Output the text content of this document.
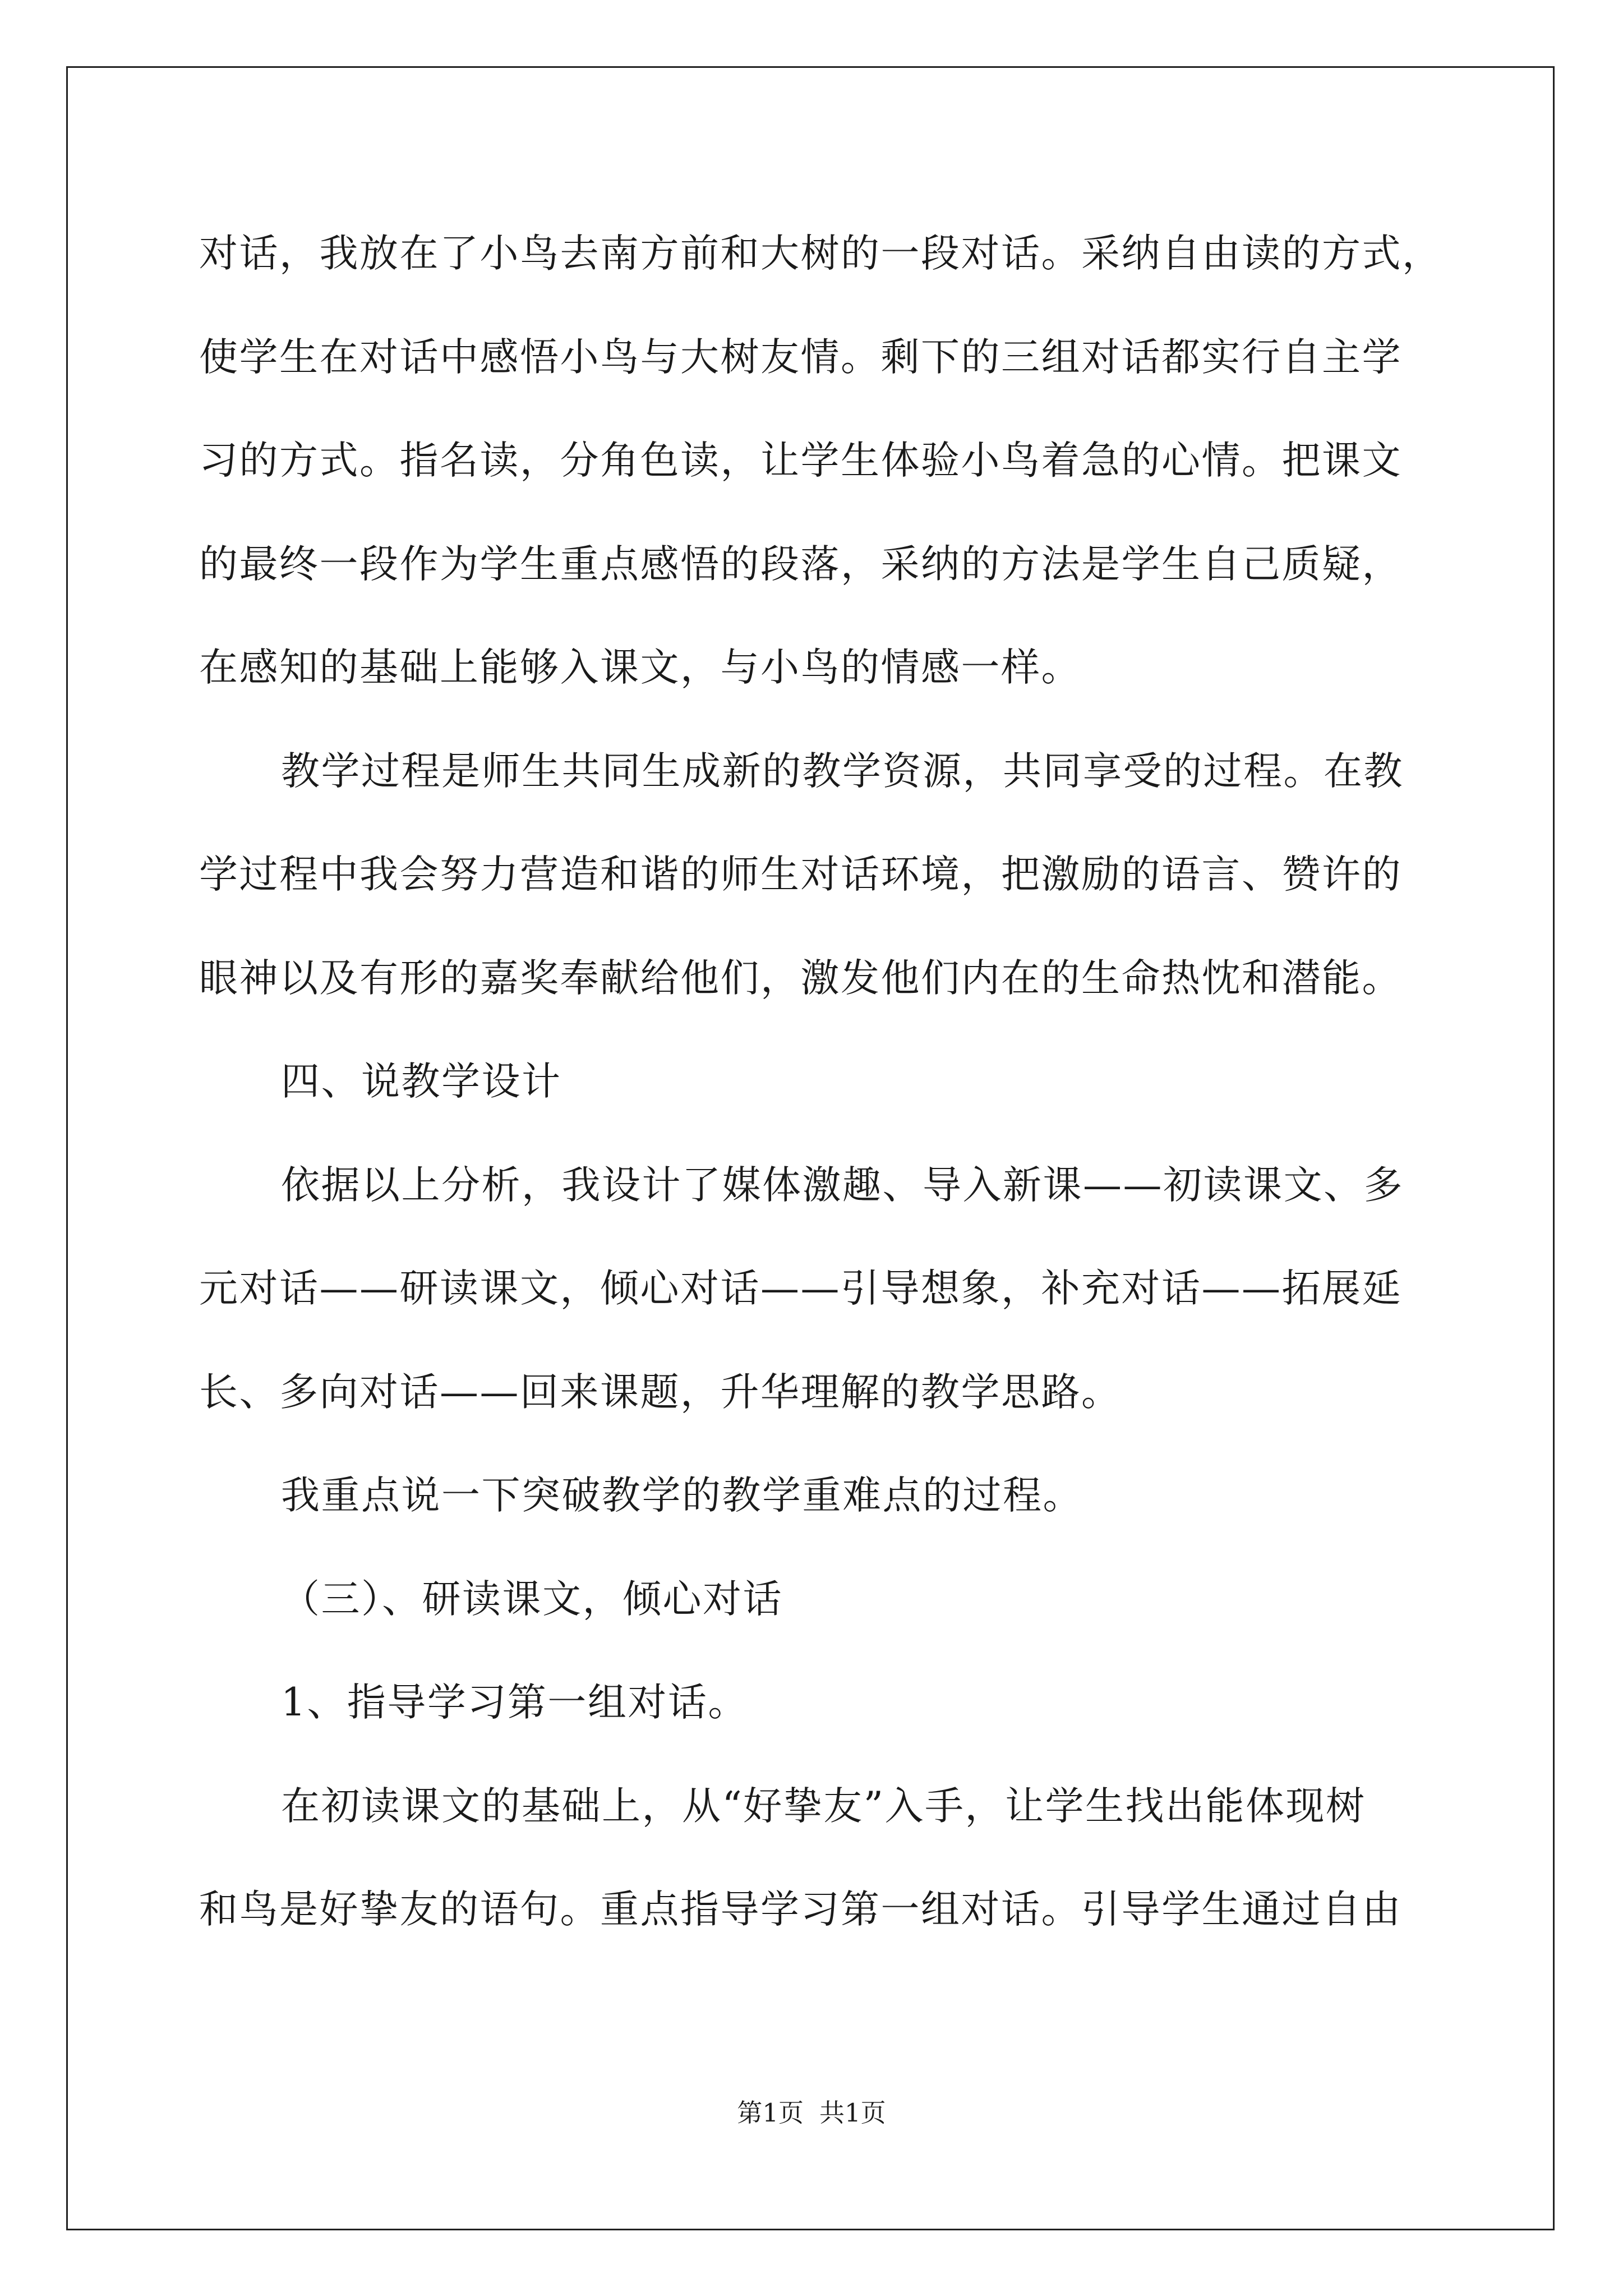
对话，我放在了小鸟去南方前和大树的一段对话。采纳自由读的方式，
使学生在对话中感悟小鸟与大树友情。剩下的三组对话都实行自主学
习的方式。指名读，分角色读，让学生体验小鸟着急的心情。把课文
的最终一段作为学生重点感悟的段落，采纳的方法是学生自己质疑，
在感知的基础上能够入课文，与小鸟的情感一样。
教学过程是师生共同生成新的教学资源，共同享受的过程。在教
学过程中我会努力营造和谐的师生对话环境，把激励的语言、赞许的
眼神以及有形的嘉奖奉献给他们，激发他们内在的生命热忱和潜能。
四、说教学设计
依据以上分析，我设计了媒体激趣、导入新课——初读课文、多
元对话——研读课文，倾心对话——引导想象，补充对话——拓展延
长、多向对话——回来课题，升华理解的教学思路。
我重点说一下突破教学的教学重难点的过程。
（三）、研读课文，倾心对话
1、指导学习第一组对话。
在初读课文的基础上，从“好挚友”入手，让学生找出能体现树
和鸟是好挚友的语句。重点指导学习第一组对话。引导学生通过自由
第1页 共1页
